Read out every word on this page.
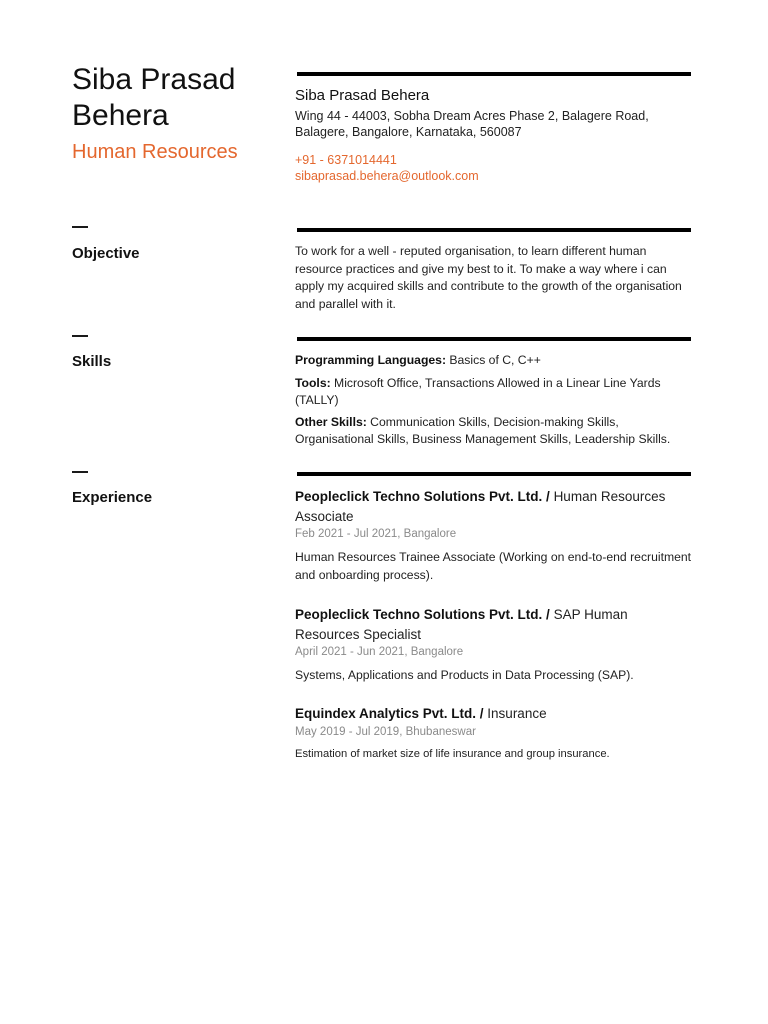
Siba Prasad Behera
Human Resources
Siba Prasad Behera
Wing 44 - 44003, Sobha Dream Acres Phase 2, Balagere Road, Balagere, Bangalore, Karnataka, 560087
+91 - 6371014441
sibaprasad.behera@outlook.com
Objective	To work for a well - reputed organisation, to learn different human resource practices and give my best to it. To make a way where i can apply my acquired skills and contribute to the growth of the organisation and parallel with it.
Skills	Programming Languages: Basics of C, C++
Tools: Microsoft Office, Transactions Allowed in a Linear Line Yards (TALLY)
Other Skills: Communication Skills, Decision-making Skills, Organisational Skills, Business Management Skills, Leadership Skills.
Experience	Peopleclick Techno Solutions Pvt. Ltd. / Human Resources Associate
Feb 2021 - Jul 2021, Bangalore
Human Resources Trainee Associate (Working on end-to-end recruitment and onboarding process).
Peopleclick Techno Solutions Pvt. Ltd. / SAP Human Resources Specialist
April 2021 - Jun 2021, Bangalore
Systems, Applications and Products in Data Processing (SAP).
Equindex Analytics Pvt. Ltd. / Insurance
May 2019 - Jul 2019, Bhubaneswar
Estimation of market size of life insurance and group insurance.
